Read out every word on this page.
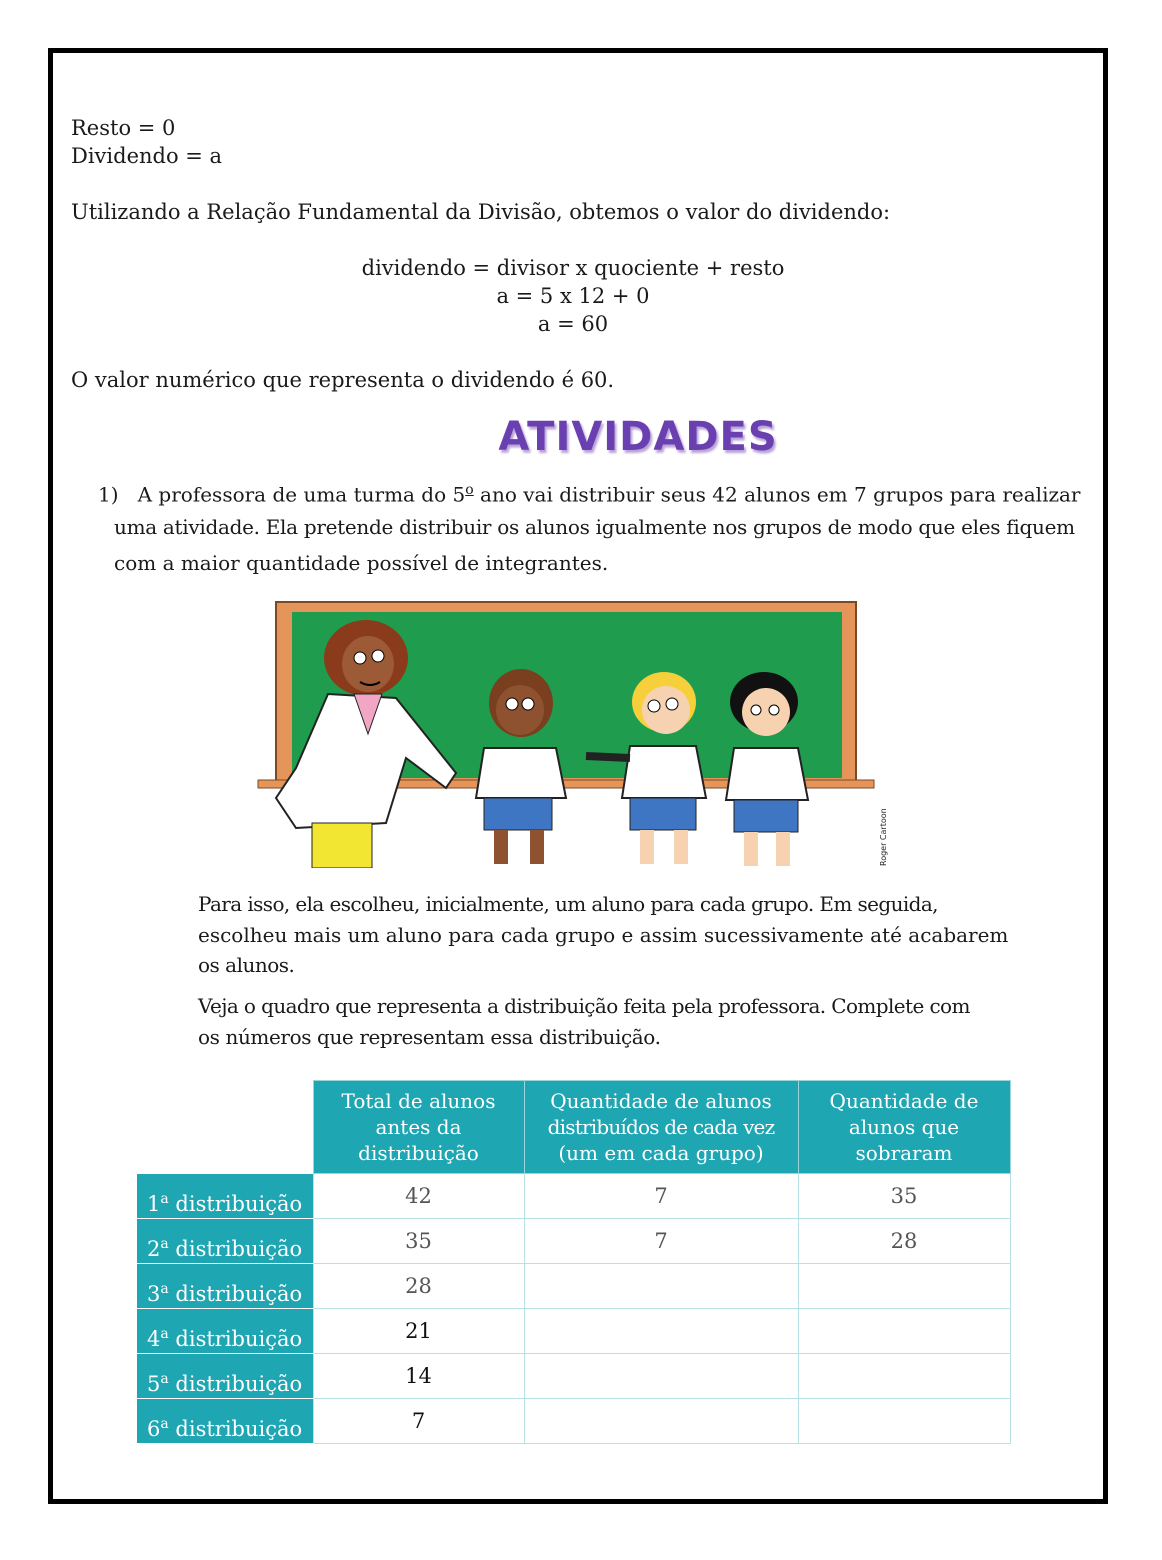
Resto = 0
Dividendo = a
Utilizando a Relação Fundamental da Divisão, obtemos o valor do dividendo:
dividendo = divisor x quociente + resto
a = 5 x 12 + 0
a = 60
O valor numérico que representa o dividendo é 60.
ATIVIDADES
1) A professora de uma turma do 5$^o$ ano vai distribuir seus 42 alunos em 7 grupos para realizar
uma atividade. Ela pretende distribuir os alunos igualmente nos grupos de modo que eles fiquem
com a maior quantidade possível de integrantes.
Roger Cartoon
Para isso, ela escolheu, inicialmente, um aluno para cada grupo. Em seguida,
escolheu mais um aluno para cada grupo e assim sucessivamente até acabarem
os alunos.
Veja o quadro que representa a distribuição feita pela professora. Complete com
os números que representam essa distribuição.
	Total de alunos
antes da
distribuição	Quantidade de alunos
distribuídos de cada vez
(um em cada grupo)	Quantidade de
alunos que
sobraram
1$^a$ distribuição	42	7	35
2$^a$ distribuição	35	7	28
3$^a$ distribuição	28		
4$^a$ distribuição	21		
5$^a$ distribuição	14		
6$^a$ distribuição	7		
